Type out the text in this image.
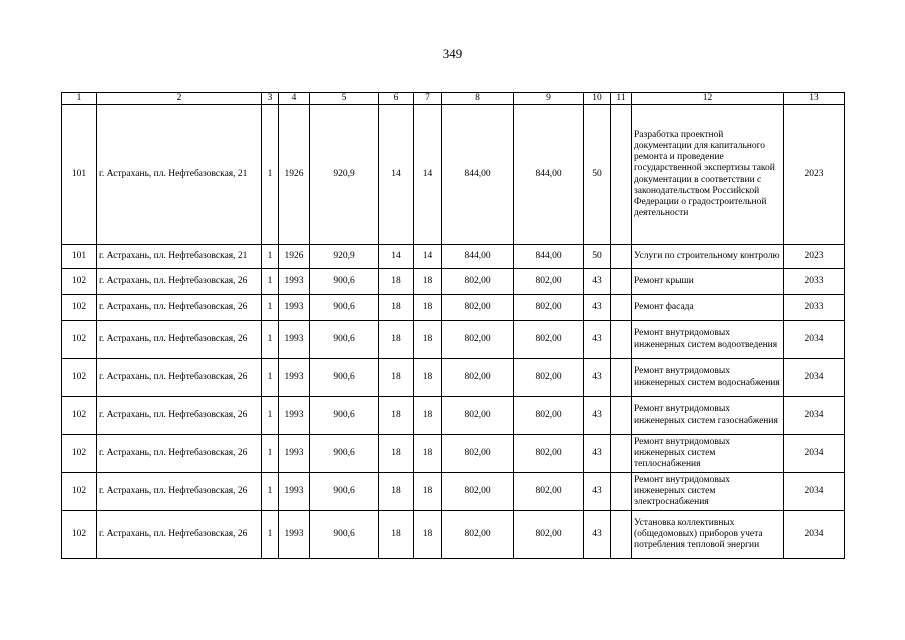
349
1	2	3	4	5	6	7	8	9	10	11	12	13
101	г. Астрахань, пл. Нефтебазовская, 21	1	1926	920,9	14	14	844,00	844,00	50		Разработка проектной документации для капитального ремонта и проведение государственной экспертизы такой документации в соответствии с законодательством Российской Федерации о градостроительной деятельности	2023
101	г. Астрахань, пл. Нефтебазовская, 21	1	1926	920,9	14	14	844,00	844,00	50		Услуги по строительному контролю	2023
102	г. Астрахань, пл. Нефтебазовская, 26	1	1993	900,6	18	18	802,00	802,00	43		Ремонт крыши	2033
102	г. Астрахань, пл. Нефтебазовская, 26	1	1993	900,6	18	18	802,00	802,00	43		Ремонт фасада	2033
102	г. Астрахань, пл. Нефтебазовская, 26	1	1993	900,6	18	18	802,00	802,00	43		Ремонт внутридомовых инженерных систем водоотведения	2034
102	г. Астрахань, пл. Нефтебазовская, 26	1	1993	900,6	18	18	802,00	802,00	43		Ремонт внутридомовых инженерных систем водоснабжения	2034
102	г. Астрахань, пл. Нефтебазовская, 26	1	1993	900,6	18	18	802,00	802,00	43		Ремонт внутридомовых инженерных систем газоснабжения	2034
102	г. Астрахань, пл. Нефтебазовская, 26	1	1993	900,6	18	18	802,00	802,00	43		Ремонт внутридомовых инженерных систем теплоснабжения	2034
102	г. Астрахань, пл. Нефтебазовская, 26	1	1993	900,6	18	18	802,00	802,00	43		Ремонт внутридомовых инженерных систем электроснабжения	2034
102	г. Астрахань, пл. Нефтебазовская, 26	1	1993	900,6	18	18	802,00	802,00	43		Установка коллективных (общедомовых) приборов учета потребления тепловой энергии	2034
